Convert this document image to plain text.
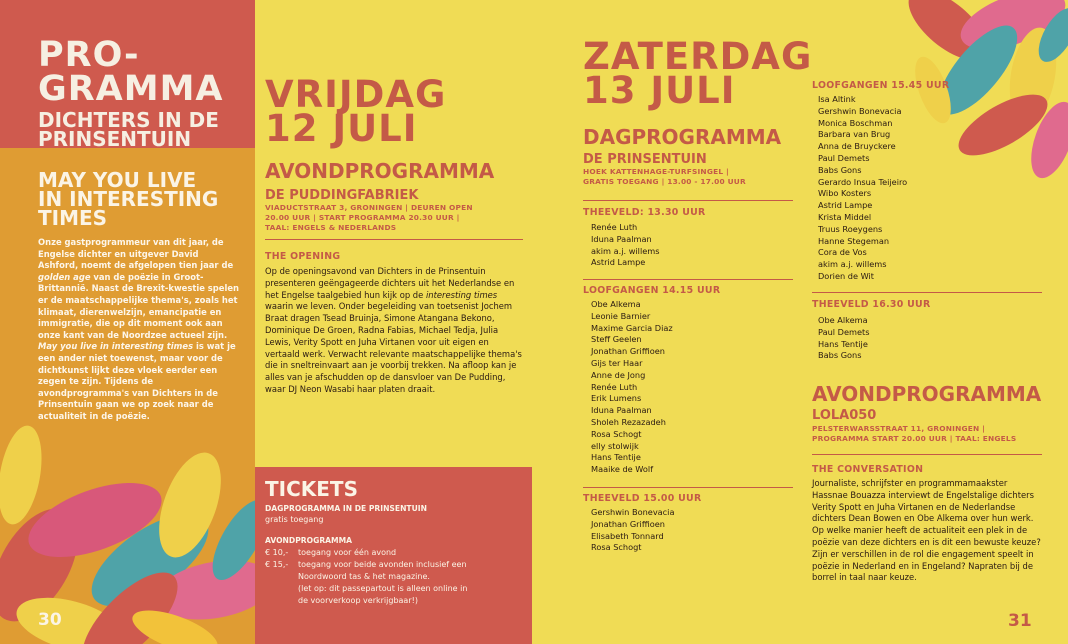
PRO-
GRAMMA
DICHTERS IN DE
PRINSENTUIN
MAY YOU LIVE
IN INTERESTING
TIMES
Onze gastprogrammeur van dit jaar, de Engelse dichter en uitgever David Ashford, noemt de afgelopen tien jaar de golden age van de poëzie in Groot-Brittannië. Naast de Brexit-kwestie spelen er de maatschappelijke thema's, zoals het klimaat, dierenwelzijn, emancipatie en immigratie, die op dit moment ook aan onze kant van de Noordzee actueel zijn. May you live in interesting times is wat je een ander niet toewenst, maar voor de dichtkunst lijkt deze vloek eerder een zegen te zijn. Tijdens de avondprogramma's van Dichters in de Prinsentuin gaan we op zoek naar de actualiteit in de poëzie.
30
VRIJDAG
12 JULI
AVONDPROGRAMMA
DE PUDDINGFABRIEK
VIADUCTSTRAAT 3, GRONINGEN | DEUREN OPEN
20.00 UUR | START PROGRAMMA 20.30 UUR |
TAAL: ENGELS & NEDERLANDS
THE OPENING
Op de openingsavond van Dichters in de Prinsentuin presenteren geëngageerde dichters uit het Nederlandse en het Engelse taalgebied hun kijk op de interesting times waarin we leven. Onder begeleiding van toetsenist Jochem Braat dragen Tsead Bruinja, Simone Atangana Bekono, Dominique De Groen, Radna Fabias, Michael Tedja, Julia Lewis, Verity Spott en Juha Virtanen voor uit eigen en vertaald werk. Verwacht relevante maatschappelijke thema's die in sneltreinvaart aan je voorbij trekken. Na afloop kan je alles van je afschudden op de dansvloer van De Pudding, waar DJ Neon Wasabi haar platen draait.
TICKETS
DAGPROGRAMMA IN DE PRINSENTUIN
gratis toegang
AVONDPROGRAMMA
€ 10,- toegang voor één avond
€ 15,- toegang voor beide avonden inclusief een
Noordwoord tas & het magazine.
(let op: dit passepartout is alleen online in
de voorverkoop verkrijgbaar!)
ZATERDAG
13 JULI
DAGPROGRAMMA
DE PRINSENTUIN
HOEK KATTENHAGE-TURFSINGEL |
GRATIS TOEGANG | 13.00 - 17.00 UUR
THEEVELD: 13.30 UUR
Renée Luth
Iduna Paalman
akim a.j. willems
Astrid Lampe
LOOFGANGEN 14.15 UUR
Obe Alkema
Leonie Barnier
Maxime Garcia Diaz
Steff Geelen
Jonathan Griffioen
Gijs ter Haar
Anne de Jong
Renée Luth
Erik Lumens
Iduna Paalman
Sholeh Rezazadeh
Rosa Schogt
elly stolwijk
Hans Tentije
Maaike de Wolf
THEEVELD 15.00 UUR
Gershwin Bonevacia
Jonathan Griffioen
Elisabeth Tonnard
Rosa Schogt
LOOFGANGEN 15.45 UUR
Isa Altink
Gershwin Bonevacia
Monica Boschman
Barbara van Brug
Anna de Bruyckere
Paul Demets
Babs Gons
Gerardo Insua Teijeiro
Wibo Kosters
Astrid Lampe
Krista Middel
Truus Roeygens
Hanne Stegeman
Cora de Vos
akim a.j. willems
Dorien de Wit
THEEVELD 16.30 UUR
Obe Alkema
Paul Demets
Hans Tentije
Babs Gons
AVONDPROGRAMMA
LOLA050
PELSTERWARSSTRAAT 11, GRONINGEN |
PROGRAMMA START 20.00 UUR | TAAL: ENGELS
THE CONVERSATION
Journaliste, schrijfster en programmamaakster Hassnae Bouazza interviewt de Engelstalige dichters Verity Spott en Juha Virtanen en de Nederlandse dichters Dean Bowen en Obe Alkema over hun werk. Op welke manier heeft de actualiteit een plek in de poëzie van deze dichters en is dit een bewuste keuze? Zijn er verschillen in de rol die engagement speelt in poëzie in Nederland en in Engeland? Napraten bij de borrel in taal naar keuze.
31
